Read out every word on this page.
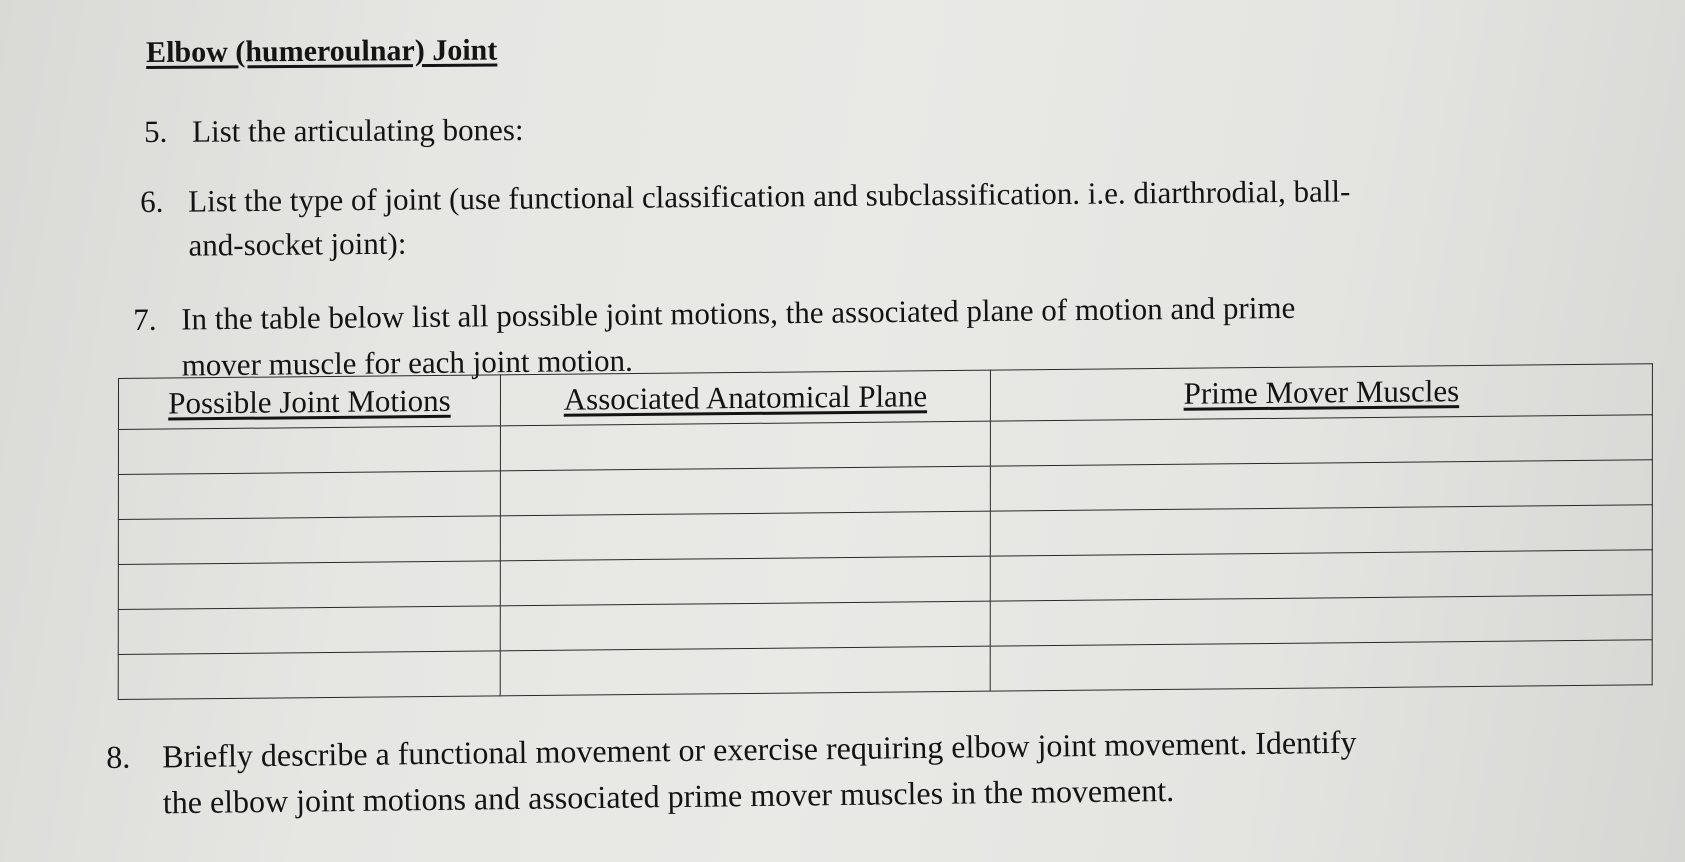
Elbow (humeroulnar) Joint
5. List the articulating bones:
6. List the type of joint (use functional classification and subclassification. i.e. diarthrodial, ball-
and-socket joint):
7. In the table below list all possible joint motions, the associated plane of motion and prime
mover muscle for each joint motion.
Possible Joint Motions	Associated Anatomical Plane	Prime Mover Muscles

8. Briefly describe a functional movement or exercise requiring elbow joint movement. Identify
the elbow joint motions and associated prime mover muscles in the movement.
